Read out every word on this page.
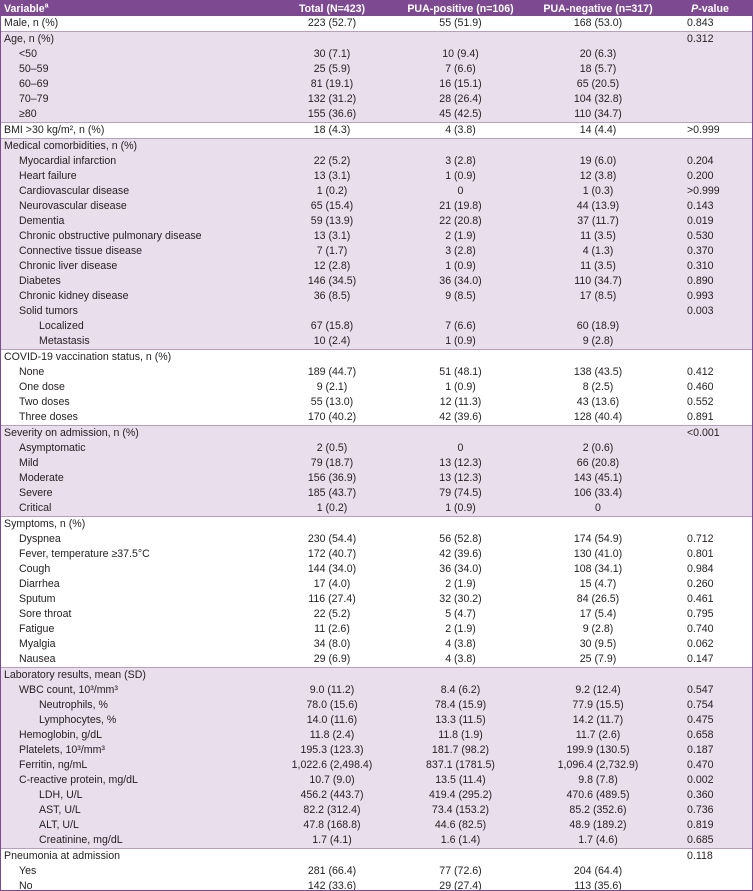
Variable$^a$	Total (N=423)	PUA-positive (n=106)	PUA-negative (n=317)	P-value
Male, n (%)	223 (52.7)	55 (51.9)	168 (53.0)	0.843
Age, n (%)				0.312
<50	30 (7.1)	10 (9.4)	20 (6.3)	
50–59	25 (5.9)	7 (6.6)	18 (5.7)	
60–69	81 (19.1)	16 (15.1)	65 (20.5)	
70–79	132 (31.2)	28 (26.4)	104 (32.8)	
≥80	155 (36.6)	45 (42.5)	110 (34.7)	
BMI >30 kg/m², n (%)	18 (4.3)	4 (3.8)	14 (4.4)	>0.999
Medical comorbidities, n (%)				
Myocardial infarction	22 (5.2)	3 (2.8)	19 (6.0)	0.204
Heart failure	13 (3.1)	1 (0.9)	12 (3.8)	0.200
Cardiovascular disease	1 (0.2)	0	1 (0.3)	>0.999
Neurovascular disease	65 (15.4)	21 (19.8)	44 (13.9)	0.143
Dementia	59 (13.9)	22 (20.8)	37 (11.7)	0.019
Chronic obstructive pulmonary disease	13 (3.1)	2 (1.9)	11 (3.5)	0.530
Connective tissue disease	7 (1.7)	3 (2.8)	4 (1.3)	0.370
Chronic liver disease	12 (2.8)	1 (0.9)	11 (3.5)	0.310
Diabetes	146 (34.5)	36 (34.0)	110 (34.7)	0.890
Chronic kidney disease	36 (8.5)	9 (8.5)	17 (8.5)	0.993
Solid tumors				0.003
Localized	67 (15.8)	7 (6.6)	60 (18.9)	
Metastasis	10 (2.4)	1 (0.9)	9 (2.8)	
COVID-19 vaccination status, n (%)				
None	189 (44.7)	51 (48.1)	138 (43.5)	0.412
One dose	9 (2.1)	1 (0.9)	8 (2.5)	0.460
Two doses	55 (13.0)	12 (11.3)	43 (13.6)	0.552
Three doses	170 (40.2)	42 (39.6)	128 (40.4)	0.891
Severity on admission, n (%)				<0.001
Asymptomatic	2 (0.5)	0	2 (0.6)	
Mild	79 (18.7)	13 (12.3)	66 (20.8)	
Moderate	156 (36.9)	13 (12.3)	143 (45.1)	
Severe	185 (43.7)	79 (74.5)	106 (33.4)	
Critical	1 (0.2)	1 (0.9)	0	
Symptoms, n (%)				
Dyspnea	230 (54.4)	56 (52.8)	174 (54.9)	0.712
Fever, temperature ≥37.5°C	172 (40.7)	42 (39.6)	130 (41.0)	0.801
Cough	144 (34.0)	36 (34.0)	108 (34.1)	0.984
Diarrhea	17 (4.0)	2 (1.9)	15 (4.7)	0.260
Sputum	116 (27.4)	32 (30.2)	84 (26.5)	0.461
Sore throat	22 (5.2)	5 (4.7)	17 (5.4)	0.795
Fatigue	11 (2.6)	2 (1.9)	9 (2.8)	0.740
Myalgia	34 (8.0)	4 (3.8)	30 (9.5)	0.062
Nausea	29 (6.9)	4 (3.8)	25 (7.9)	0.147
Laboratory results, mean (SD)				
WBC count, 10³/mm³	9.0 (11.2)	8.4 (6.2)	9.2 (12.4)	0.547
Neutrophils, %	78.0 (15.6)	78.4 (15.9)	77.9 (15.5)	0.754
Lymphocytes, %	14.0 (11.6)	13.3 (11.5)	14.2 (11.7)	0.475
Hemoglobin, g/dL	11.8 (2.4)	11.8 (1.9)	11.7 (2.6)	0.658
Platelets, 10³/mm³	195.3 (123.3)	181.7 (98.2)	199.9 (130.5)	0.187
Ferritin, ng/mL	1,022.6 (2,498.4)	837.1 (1781.5)	1,096.4 (2,732.9)	0.470
C-reactive protein, mg/dL	10.7 (9.0)	13.5 (11.4)	9.8 (7.8)	0.002
LDH, U/L	456.2 (443.7)	419.4 (295.2)	470.6 (489.5)	0.360
AST, U/L	82.2 (312.4)	73.4 (153.2)	85.2 (352.6)	0.736
ALT, U/L	47.8 (168.8)	44.6 (82.5)	48.9 (189.2)	0.819
Creatinine, mg/dL	1.7 (4.1)	1.6 (1.4)	1.7 (4.6)	0.685
Pneumonia at admission				0.118
Yes	281 (66.4)	77 (72.6)	204 (64.4)	
No	142 (33.6)	29 (27.4)	113 (35.6)	
